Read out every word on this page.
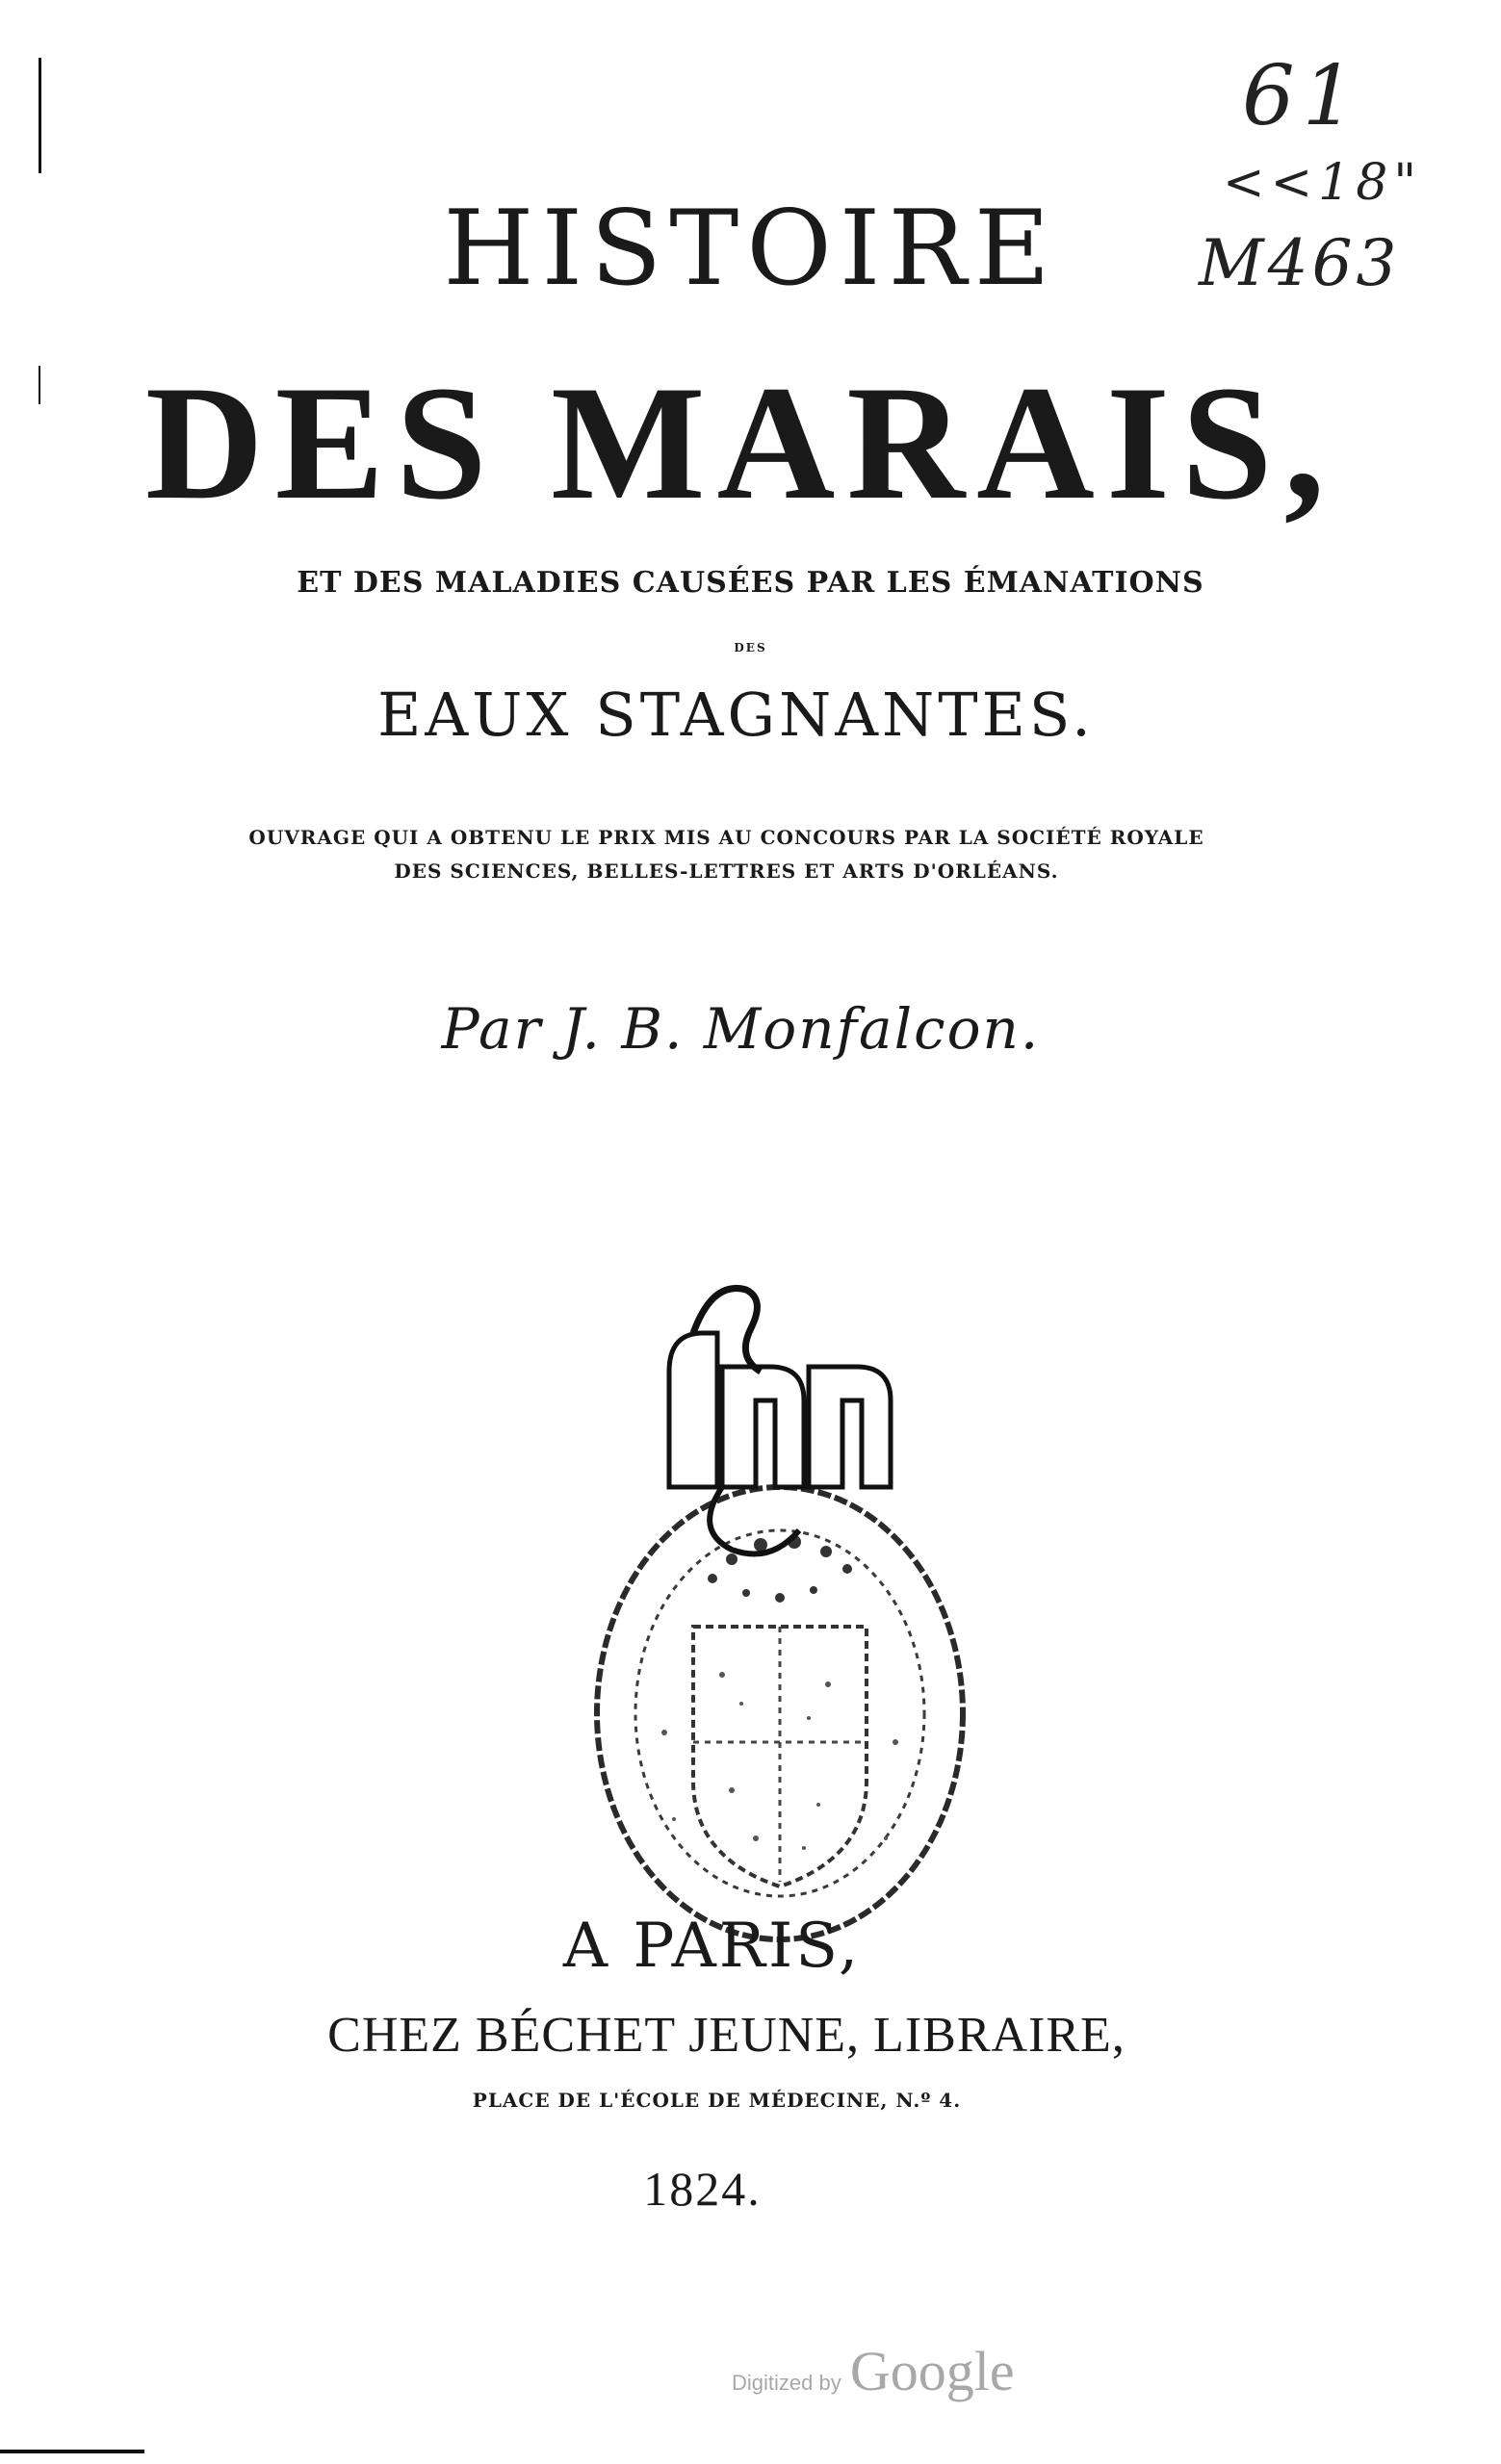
61
<<18"
M463
HISTOIRE
DES MARAIS,
ET DES MALADIES CAUSÉES PAR LES ÉMANATIONS
DES
EAUX STAGNANTES.
OUVRAGE QUI A OBTENU LE PRIX MIS AU CONCOURS PAR LA SOCIÉTÉ ROYALE
DES SCIENCES, BELLES-LETTRES ET ARTS D'ORLÉANS.
Par J. B. Monfalcon.
A PARIS,
CHEZ BÉCHET JEUNE, LIBRAIRE,
PLACE DE L'ÉCOLE DE MÉDECINE, N.º 4.
1824.
Digitized by Google
